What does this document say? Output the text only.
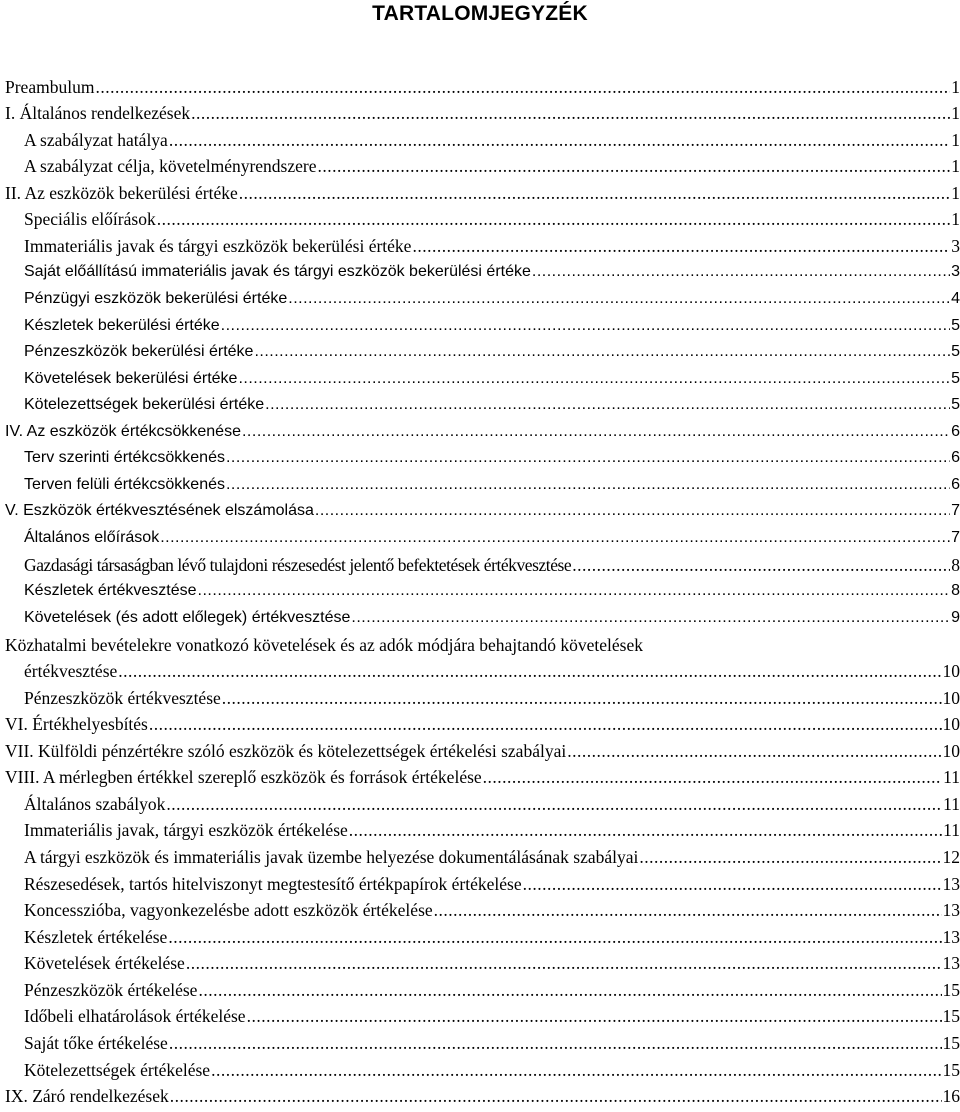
TARTALOMJEGYZÉK
Preambulum .....	1
I. Általános rendelkezések .....	1
A szabályzat hatálya .....	1
A szabályzat célja, követelményrendszere .....	1
II. Az eszközök bekerülési értéke .....	1
Speciális előírások .....	1
Immateriális javak és tárgyi eszközök bekerülési értéke .....	3
Saját előállítású immateriális javak és tárgyi eszközök bekerülési értéke .....	3
Pénzügyi eszközök bekerülési értéke .....	4
Készletek bekerülési értéke .....	5
Pénzeszközök bekerülési értéke .....	5
Követelések bekerülési értéke .....	5
Kötelezettségek bekerülési értéke .....	5
IV. Az eszközök értékcsökkenése .....	6
Terv szerinti értékcsökkenés .....	6
Terven felüli értékcsökkenés .....	6
V. Eszközök értékvesztésének elszámolása .....	7
Általános előírások .....	7
Gazdasági társaságban lévő tulajdoni részesedést jelentő befektetések értékvesztése .....	8
Készletek értékvesztése .....	8
Követelések (és adott előlegek) értékvesztése .....	9
Közhatalmi bevételekre vonatkozó követelések és az adók módjára behajtandó követelések
értékvesztése .....	10
Pénzeszközök értékvesztése .....	10
VI. Értékhelyesbítés .....	10
VII. Külföldi pénzértékre szóló eszközök és kötelezettségek értékelési szabályai .....	10
VIII. A mérlegben értékkel szereplő eszközök és források értékelése .....	11
Általános szabályok .....	11
Immateriális javak, tárgyi eszközök értékelése .....	11
A tárgyi eszközök és immateriális javak üzembe helyezése dokumentálásának szabályai .....	12
Részesedések, tartós hitelviszonyt megtestesítő értékpapírok értékelése .....	13
Koncesszióba, vagyonkezelésbe adott eszközök értékelése .....	13
Készletek értékelése .....	13
Követelések értékelése .....	13
Pénzeszközök értékelése .....	15
Időbeli elhatárolások értékelése .....	15
Saját tőke értékelése .....	15
Kötelezettségek értékelése .....	15
IX. Záró rendelkezések .....	16
